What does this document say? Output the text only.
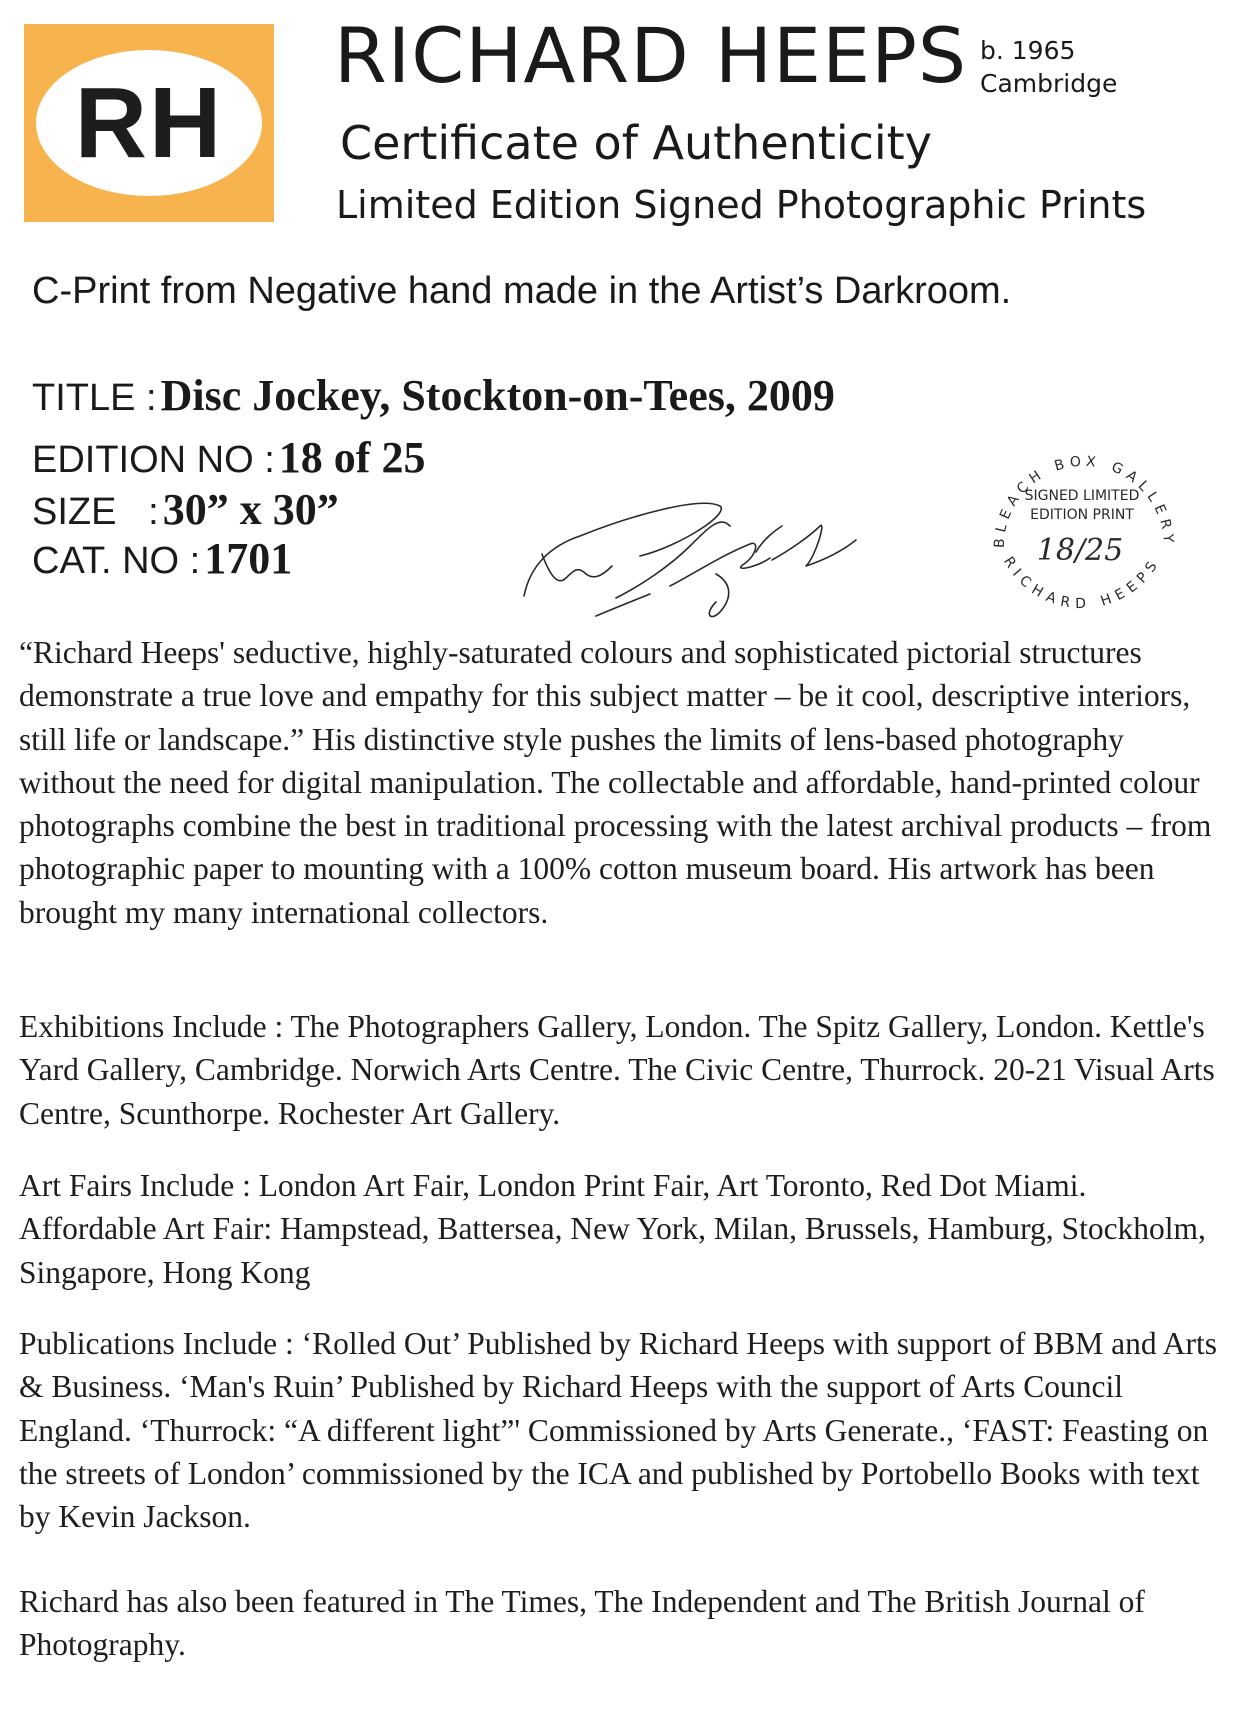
RH
RICHARD HEEPS b. 1965
Cambridge
Certificate of Authenticity
Limited Edition Signed Photographic Prints
C-Print from Negative hand made in the Artist’s Darkroom.
TITLE : Disc Jockey, Stockton-on-Tees, 2009
EDITION NO : 18 of 25
SIZE   : 30” x 30”
CAT. NO : 1701	BLEACH BOX GALLERY
RICHARD HEEPS
SIGNED LIMITED
EDITION PRINT
18/25
“Richard Heeps' seductive, highly-saturated colours and sophisticated pictorial structures demonstrate a true love and empathy for this subject matter – be it cool, descriptive interiors, still life or landscape.” His distinctive style pushes the limits of lens-based photography without the need for digital manipulation. The collectable and affordable, hand-printed colour photographs combine the best in traditional processing with the latest archival products – from photographic paper to mounting with a 100% cotton museum board. His artwork has been brought my many international collectors.
Exhibitions Include : The Photographers Gallery, London. The Spitz Gallery, London. Kettle's Yard Gallery, Cambridge. Norwich Arts Centre. The Civic Centre, Thurrock. 20-21 Visual Arts Centre, Scunthorpe. Rochester Art Gallery.
Art Fairs Include : London Art Fair, London Print Fair, Art Toronto, Red Dot Miami. Affordable Art Fair: Hampstead, Battersea, New York, Milan, Brussels, Hamburg, Stockholm, Singapore, Hong Kong
Publications Include : ‘Rolled Out’ Published by Richard Heeps with support of BBM and Arts & Business. ‘Man's Ruin’ Published by Richard Heeps with the support of Arts Council England. ‘Thurrock: “A different light”' Commissioned by Arts Generate., ‘FAST: Feasting on the streets of London’ commissioned by the ICA and published by Portobello Books with text by Kevin Jackson.
Richard has also been featured in The Times, The Independent and The British Journal of Photography.
